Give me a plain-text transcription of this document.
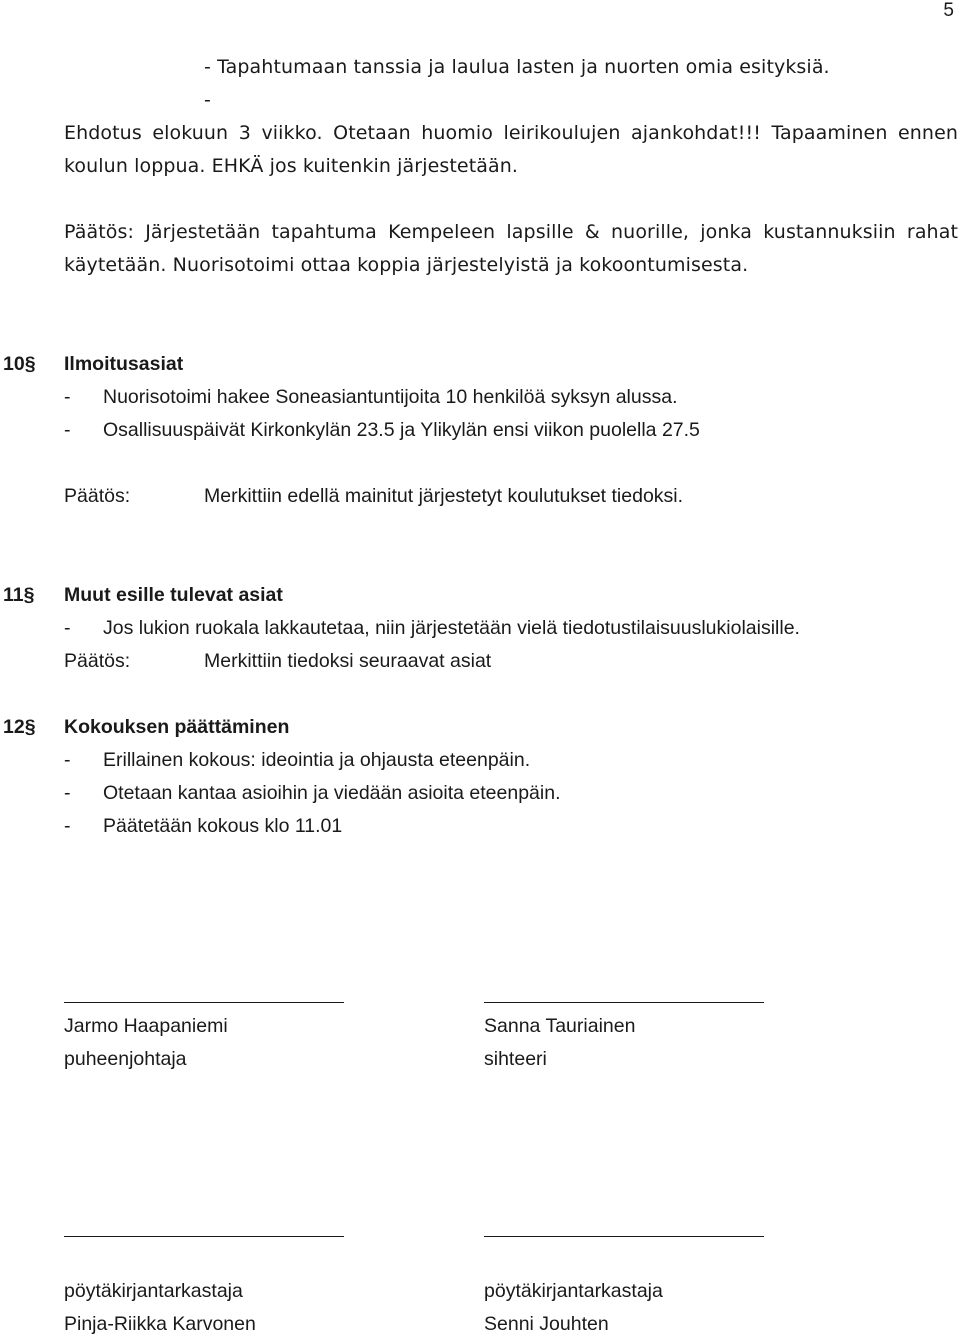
5
- Tapahtumaan tanssia ja laulua lasten ja nuorten omia esityksiä.
-
Ehdotus elokuun 3 viikko. Otetaan huomio leirikoulujen ajankohdat!!! Tapaaminen ennen
koulun loppua. EHKÄ jos kuitenkin järjestetään.
Päätös: Järjestetään tapahtuma Kempeleen lapsille & nuorille, jonka kustannuksiin rahat
käytetään. Nuorisotoimi ottaa koppia järjestelyistä ja kokoontumisesta.
10§ Ilmoitusasiat
- Nuorisotoimi hakee Soneasiantuntijoita 10 henkilöä syksyn alussa.
- Osallisuuspäivät Kirkonkylän 23.5 ja Ylikylän ensi viikon puolella 27.5
Päätös:	Merkittiin edellä mainitut järjestetyt koulutukset tiedoksi.
11§ Muut esille tulevat asiat
- Jos lukion ruokala lakkautetaa, niin järjestetään vielä tiedotustilaisuuslukiolaisille.
Päätös:	Merkittiin tiedoksi seuraavat asiat
12§ Kokouksen päättäminen
- Erillainen kokous: ideointia ja ohjausta eteenpäin.
- Otetaan kantaa asioihin ja viedään asioita eteenpäin.
- Päätetään kokous klo 11.01
Jarmo Haapaniemi
puheenjohtaja
Sanna Tauriainen
sihteeri
pöytäkirjantarkastaja
Pinja-Riikka Karvonen
pöytäkirjantarkastaja
Senni Jouhten
